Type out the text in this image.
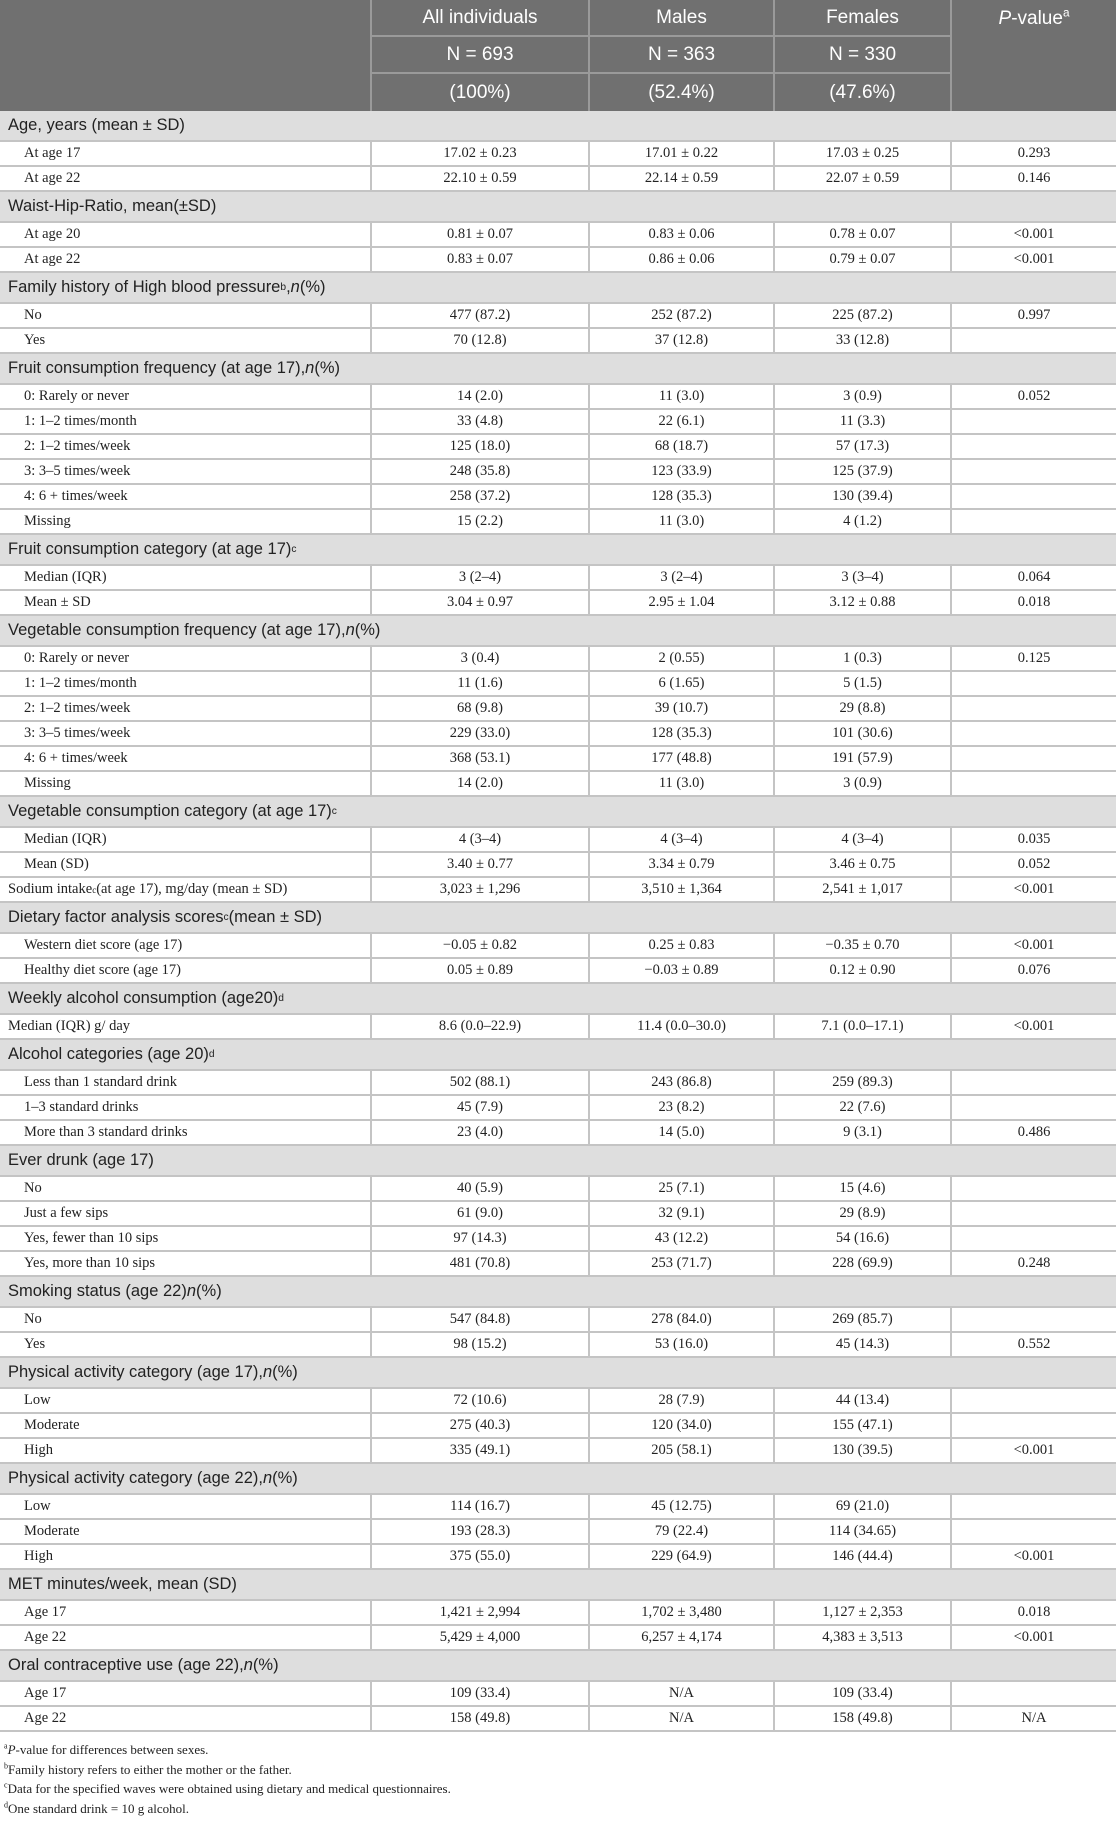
All individuals
N = 693
(100%)
Males
N = 363
(52.4%)
Females
N = 330
(47.6%)
P-value$^a$
Age, years (mean ± SD)
At age 17	17.02 ± 0.23	17.01 ± 0.22	17.03 ± 0.25	0.293
At age 22	22.10 ± 0.59	22.14 ± 0.59	22.07 ± 0.59	0.146
Waist-Hip-Ratio, mean(±SD)
At age 20	0.81 ± 0.07	0.83 ± 0.06	0.78 ± 0.07	<0.001
At age 22	0.83 ± 0.07	0.86 ± 0.06	0.79 ± 0.07	<0.001
Family history of High blood pressure b , n (%)
No	477 (87.2)	252 (87.2)	225 (87.2)	0.997
Yes	70 (12.8)	37 (12.8)	33 (12.8)
Fruit consumption frequency (at age 17), n (%)
0: Rarely or never	14 (2.0)	11 (3.0)	3 (0.9)	0.052
1: 1–2 times/month	33 (4.8)	22 (6.1)	11 (3.3)
2: 1–2 times/week	125 (18.0)	68 (18.7)	57 (17.3)
3: 3–5 times/week	248 (35.8)	123 (33.9)	125 (37.9)
4: 6 + times/week	258 (37.2)	128 (35.3)	130 (39.4)
Missing	15 (2.2)	11 (3.0)	4 (1.2)
Fruit consumption category (at age 17) c
Median (IQR)	3 (2–4)	3 (2–4)	3 (3–4)	0.064
Mean ± SD	3.04 ± 0.97	2.95 ± 1.04	3.12 ± 0.88	0.018
Vegetable consumption frequency (at age 17), n (%)
0: Rarely or never	3 (0.4)	2 (0.55)	1 (0.3)	0.125
1: 1–2 times/month	11 (1.6)	6 (1.65)	5 (1.5)
2: 1–2 times/week	68 (9.8)	39 (10.7)	29 (8.8)
3: 3–5 times/week	229 (33.0)	128 (35.3)	101 (30.6)
4: 6 + times/week	368 (53.1)	177 (48.8)	191 (57.9)
Missing	14 (2.0)	11 (3.0)	3 (0.9)
Vegetable consumption category (at age 17) c
Median (IQR)	4 (3–4)	4 (3–4)	4 (3–4)	0.035
Mean (SD)	3.40 ± 0.77	3.34 ± 0.79	3.46 ± 0.75	0.052
Sodium intake c (at age 17), mg/day (mean ± SD)	3,023 ± 1,296	3,510 ± 1,364	2,541 ± 1,017	<0.001
Dietary factor analysis scores c (mean ± SD)
Western diet score (age 17)	−0.05 ± 0.82	0.25 ± 0.83	−0.35 ± 0.70	<0.001
Healthy diet score (age 17)	0.05 ± 0.89	−0.03 ± 0.89	0.12 ± 0.90	0.076
Weekly alcohol consumption (age20) d
Median (IQR) g/ day	8.6 (0.0–22.9)	11.4 (0.0–30.0)	7.1 (0.0–17.1)	<0.001
Alcohol categories (age 20) d
Less than 1 standard drink	502 (88.1)	243 (86.8)	259 (89.3)
1–3 standard drinks	45 (7.9)	23 (8.2)	22 (7.6)
More than 3 standard drinks	23 (4.0)	14 (5.0)	9 (3.1)	0.486
Ever drunk (age 17)
No	40 (5.9)	25 (7.1)	15 (4.6)
Just a few sips	61 (9.0)	32 (9.1)	29 (8.9)
Yes, fewer than 10 sips	97 (14.3)	43 (12.2)	54 (16.6)
Yes, more than 10 sips	481 (70.8)	253 (71.7)	228 (69.9)	0.248
Smoking status (age 22) n (%)
No	547 (84.8)	278 (84.0)	269 (85.7)
Yes	98 (15.2)	53 (16.0)	45 (14.3)	0.552
Physical activity category (age 17), n (%)
Low	72 (10.6)	28 (7.9)	44 (13.4)
Moderate	275 (40.3)	120 (34.0)	155 (47.1)
High	335 (49.1)	205 (58.1)	130 (39.5)	<0.001
Physical activity category (age 22), n (%)
Low	114 (16.7)	45 (12.75)	69 (21.0)
Moderate	193 (28.3)	79 (22.4)	114 (34.65)
High	375 (55.0)	229 (64.9)	146 (44.4)	<0.001
MET minutes/week, mean (SD)
Age 17	1,421 ± 2,994	1,702 ± 3,480	1,127 ± 2,353	0.018
Age 22	5,429 ± 4,000	6,257 ± 4,174	4,383 ± 3,513	<0.001
Oral contraceptive use (age 22), n (%)
Age 17	109 (33.4)	N/A	109 (33.4)
Age 22	158 (49.8)	N/A	158 (49.8)	N/A
$^a$P-value for differences between sexes.
$^b$Family history refers to either the mother or the father.
$^c$Data for the specified waves were obtained using dietary and medical questionnaires.
$^d$One standard drink = 10 g alcohol.
